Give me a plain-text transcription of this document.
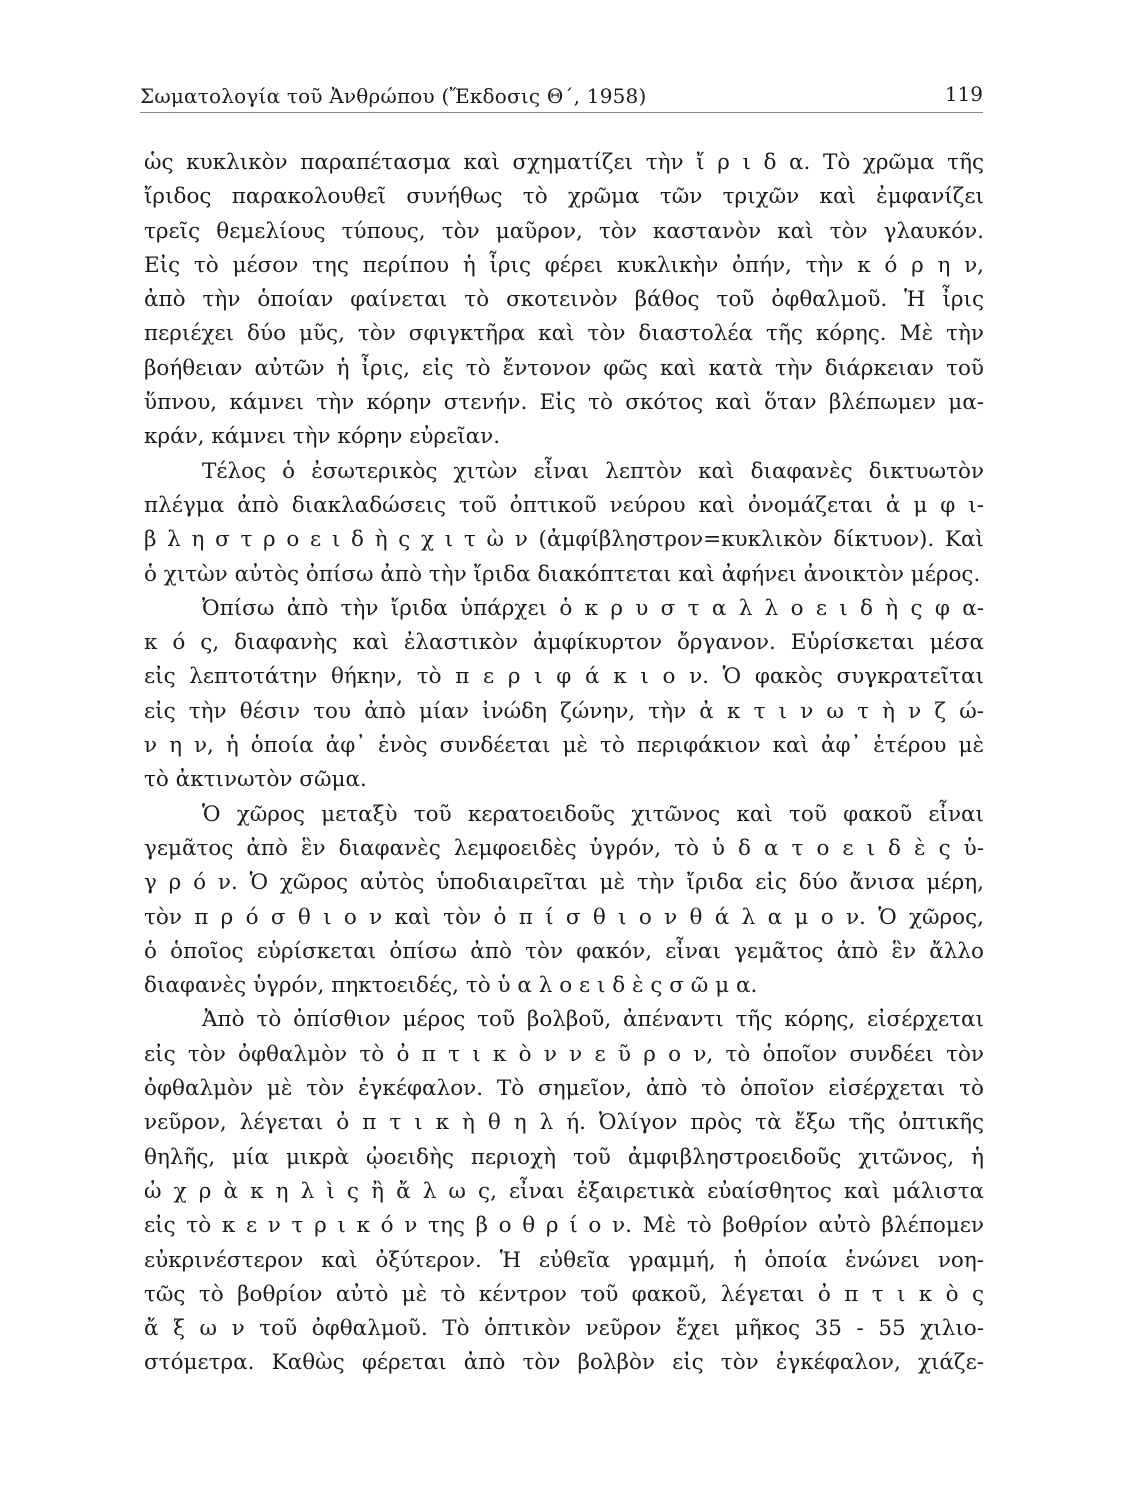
Σωματολογία τοῦ Ἀνθρώπου (Ἔκδοσις Θ΄, 1958)	119
ὡς κυκλικὸν παραπέτασμα καὶ σχηματίζει τὴν ἴ ρ ι δ α. Τὸ χρῶμα τῆς
ἴριδος παρακολουθεῖ συνήθως τὸ χρῶμα τῶν τριχῶν καὶ ἐμφανίζει
τρεῖς θεμελίους τύπους, τὸν μαῦρον, τὸν καστανὸν καὶ τὸν γλαυκόν.
Εἰς τὸ μέσον της περίπου ἡ ἶρις φέρει κυκλικὴν ὀπήν, τὴν κ ό ρ η ν,
ἀπὸ τὴν ὁποίαν φαίνεται τὸ σκοτεινὸν βάθος τοῦ ὀφθαλμοῦ. Ἡ ἶρις
περιέχει δύο μῦς, τὸν σφιγκτῆρα καὶ τὸν διαστολέα τῆς κόρης. Μὲ τὴν
βοήθειαν αὐτῶν ἡ ἶρις, εἰς τὸ ἔντονον φῶς καὶ κατὰ τὴν διάρκειαν τοῦ
ὕπνου, κάμνει τὴν κόρην στενήν. Εἰς τὸ σκότος καὶ ὅταν βλέπωμεν μα-
κράν, κάμνει τὴν κόρην εὐρεῖαν.
Τέλος ὁ ἐσωτερικὸς χιτὼν εἶναι λεπτὸν καὶ διαφανὲς δικτυωτὸν
πλέγμα ἀπὸ διακλαδώσεις τοῦ ὀπτικοῦ νεύρου καὶ ὀνομάζεται ἀ μ φ ι-
β λ η σ τ ρ ο ε ι δ ὴ ς χ ι τ ὼ ν (ἀμφίβληστρον=κυκλικὸν δίκτυον). Καὶ
ὁ χιτὼν αὐτὸς ὀπίσω ἀπὸ τὴν ἴριδα διακόπτεται καὶ ἀφήνει ἀνοικτὸν μέρος.
Ὀπίσω ἀπὸ τὴν ἴριδα ὑπάρχει ὁ κ ρ υ σ τ α λ λ ο ε ι δ ὴ ς φ α-
κ ό ς, διαφανὴς καὶ ἐλαστικὸν ἀμφίκυρτον ὄργανον. Εὑρίσκεται μέσα
εἰς λεπτοτάτην θήκην, τὸ π ε ρ ι φ ά κ ι ο ν. Ὁ φακὸς συγκρατεῖται
εἰς τὴν θέσιν του ἀπὸ μίαν ἰνώδη ζώνην, τὴν ἀ κ τ ι ν ω τ ὴ ν ζ ώ-
ν η ν, ἡ ὁποία ἀφ᾽ ἑνὸς συνδέεται μὲ τὸ περιφάκιον καὶ ἀφ᾽ ἑτέρου μὲ
τὸ ἀκτινωτὸν σῶμα.
Ὁ χῶρος μεταξὺ τοῦ κερατοειδοῦς χιτῶνος καὶ τοῦ φακοῦ εἶναι
γεμᾶτος ἀπὸ ἓν διαφανὲς λεμφοειδὲς ὑγρόν, τὸ ὑ δ α τ ο ε ι δ ὲ ς ὑ-
γ ρ ό ν. Ὁ χῶρος αὐτὸς ὑποδιαιρεῖται μὲ τὴν ἴριδα εἰς δύο ἄνισα μέρη,
τὸν π ρ ό σ θ ι ο ν καὶ τὸν ὀ π ί σ θ ι ο ν θ ά λ α μ ο ν. Ὁ χῶρος,
ὁ ὁποῖος εὑρίσκεται ὀπίσω ἀπὸ τὸν φακόν, εἶναι γεμᾶτος ἀπὸ ἓν ἄλλο
διαφανὲς ὑγρόν, πηκτοειδές, τὸ ὑ α λ ο ε ι δ ὲ ς σ ῶ μ α.
Ἀπὸ τὸ ὀπίσθιον μέρος τοῦ βολβοῦ, ἀπέναντι τῆς κόρης, εἰσέρχεται
εἰς τὸν ὀφθαλμὸν τὸ ὀ π τ ι κ ὸ ν ν ε ῦ ρ ο ν, τὸ ὁποῖον συνδέει τὸν
ὀφθαλμὸν μὲ τὸν ἐγκέφαλον. Τὸ σημεῖον, ἀπὸ τὸ ὁποῖον εἰσέρχεται τὸ
νεῦρον, λέγεται ὀ π τ ι κ ὴ θ η λ ή. Ὀλίγον πρὸς τὰ ἔξω τῆς ὀπτικῆς
θηλῆς, μία μικρὰ ᾠοειδὴς περιοχὴ τοῦ ἀμφιβληστροειδοῦς χιτῶνος, ἡ
ὠ χ ρ ὰ κ η λ ὶ ς ἢ ἄ λ ω ς, εἶναι ἐξαιρετικὰ εὐαίσθητος καὶ μάλιστα
εἰς τὸ κ ε ν τ ρ ι κ ό ν της β ο θ ρ ί ο ν. Μὲ τὸ βοθρίον αὐτὸ βλέπομεν
εὐκρινέστερον καὶ ὀξύτερον. Ἡ εὐθεῖα γραμμή, ἡ ὁποία ἑνώνει νοη-
τῶς τὸ βοθρίον αὐτὸ μὲ τὸ κέντρον τοῦ φακοῦ, λέγεται ὀ π τ ι κ ὸ ς
ἄ ξ ω ν τοῦ ὀφθαλμοῦ. Τὸ ὀπτικὸν νεῦρον ἔχει μῆκος 35 - 55 χιλιο-
στόμετρα. Καθὼς φέρεται ἀπὸ τὸν βολβὸν εἰς τὸν ἐγκέφαλον, χιάζε-
